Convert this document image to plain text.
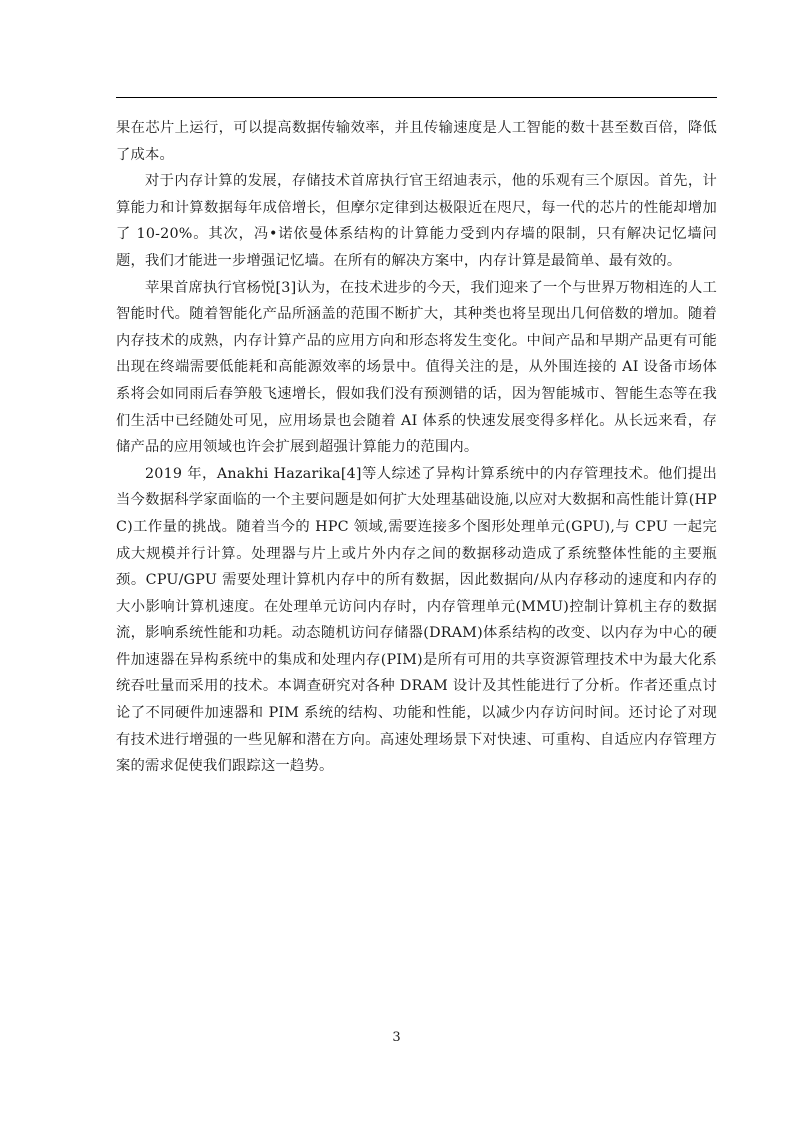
果在芯片上运行，可以提高数据传输效率，并且传输速度是人工智能的数十甚至数百倍，降低了成本。

对于内存计算的发展，存储技术首席执行官王绍迪表示，他的乐观有三个原因。首先，计算能力和计算数据每年成倍增长，但摩尔定律到达极限近在咫尺，每一代的芯片的性能却增加了 10-20%。其次，冯•诺依曼体系结构的计算能力受到内存墙的限制，只有解决记忆墙问题，我们才能进一步增强记忆墙。在所有的解决方案中，内存计算是最简单、最有效的。

苹果首席执行官杨悦[3]认为，在技术进步的今天，我们迎来了一个与世界万物相连的人工智能时代。随着智能化产品所涵盖的范围不断扩大，其种类也将呈现出几何倍数的增加。随着内存技术的成熟，内存计算产品的应用方向和形态将发生变化。中间产品和早期产品更有可能出现在终端需要低能耗和高能源效率的场景中。值得关注的是，从外围连接的 AI 设备市场体系将会如同雨后春笋般飞速增长，假如我们没有预测错的话，因为智能城市、智能生态等在我们生活中已经随处可见，应用场景也会随着 AI 体系的快速发展变得多样化。从长远来看，存储产品的应用领域也许会扩展到超强计算能力的范围内。

2019 年，Anakhi Hazarika[4]等人综述了异构计算系统中的内存管理技术。他们提出当今数据科学家面临的一个主要问题是如何扩大处理基础设施,以应对大数据和高性能计算(HPC)工作量的挑战。随着当今的 HPC 领域,需要连接多个图形处理单元(GPU),与 CPU 一起完成大规模并行计算。处理器与片上或片外内存之间的数据移动造成了系统整体性能的主要瓶颈。CPU/GPU 需要处理计算机内存中的所有数据，因此数据向/从内存移动的速度和内存的大小影响计算机速度。在处理单元访问内存时，内存管理单元(MMU)控制计算机主存的数据流，影响系统性能和功耗。动态随机访问存储器(DRAM)体系结构的改变、以内存为中心的硬件加速器在异构系统中的集成和处理内存(PIM)是所有可用的共享资源管理技术中为最大化系统吞吐量而采用的技术。本调查研究对各种 DRAM 设计及其性能进行了分析。作者还重点讨论了不同硬件加速器和 PIM 系统的结构、功能和性能，以减少内存访问时间。还讨论了对现有技术进行增强的一些见解和潜在方向。高速处理场景下对快速、可重构、自适应内存管理方案的需求促使我们跟踪这一趋势。

3
